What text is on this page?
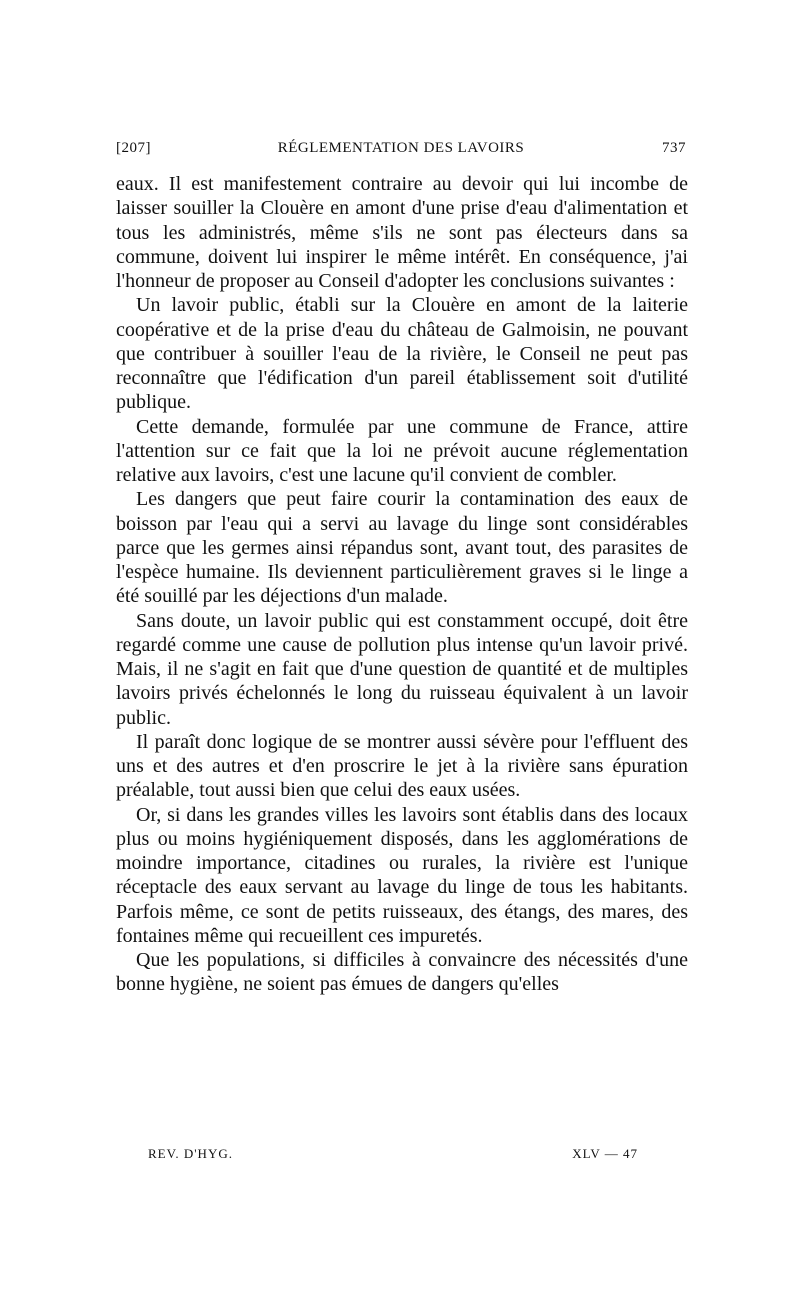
[207]	RÉGLEMENTATION DES LAVOIRS	737

eaux. Il est manifestement contraire au devoir qui lui incombe de laisser souiller la Clouère en amont d'une prise d'eau d'alimentation et tous les administrés, même s'ils ne sont pas électeurs dans sa commune, doivent lui inspirer le même intérêt. En conséquence, j'ai l'honneur de proposer au Conseil d'adopter les conclusions suivantes :

Un lavoir public, établi sur la Clouère en amont de la laiterie coopérative et de la prise d'eau du château de Galmoisin, ne pouvant que contribuer à souiller l'eau de la rivière, le Conseil ne peut pas reconnaître que l'édification d'un pareil établissement soit d'utilité publique.

Cette demande, formulée par une commune de France, attire l'attention sur ce fait que la loi ne prévoit aucune réglementation relative aux lavoirs, c'est une lacune qu'il convient de combler.

Les dangers que peut faire courir la contamination des eaux de boisson par l'eau qui a servi au lavage du linge sont considérables parce que les germes ainsi répandus sont, avant tout, des parasites de l'espèce humaine. Ils deviennent particulièrement graves si le linge a été souillé par les déjections d'un malade.

Sans doute, un lavoir public qui est constamment occupé, doit être regardé comme une cause de pollution plus intense qu'un lavoir privé. Mais, il ne s'agit en fait que d'une question de quantité et de multiples lavoirs privés échelonnés le long du ruisseau équivalent à un lavoir public.

Il paraît donc logique de se montrer aussi sévère pour l'effluent des uns et des autres et d'en proscrire le jet à la rivière sans épuration préalable, tout aussi bien que celui des eaux usées.

Or, si dans les grandes villes les lavoirs sont établis dans des locaux plus ou moins hygiéniquement disposés, dans les agglomérations de moindre importance, citadines ou rurales, la rivière est l'unique réceptacle des eaux servant au lavage du linge de tous les habitants. Parfois même, ce sont de petits ruisseaux, des étangs, des mares, des fontaines même qui recueillent ces impuretés.

Que les populations, si difficiles à convaincre des nécessités d'une bonne hygiène, ne soient pas émues de dangers qu'elles

REV. D'HYG.	XLV — 47
